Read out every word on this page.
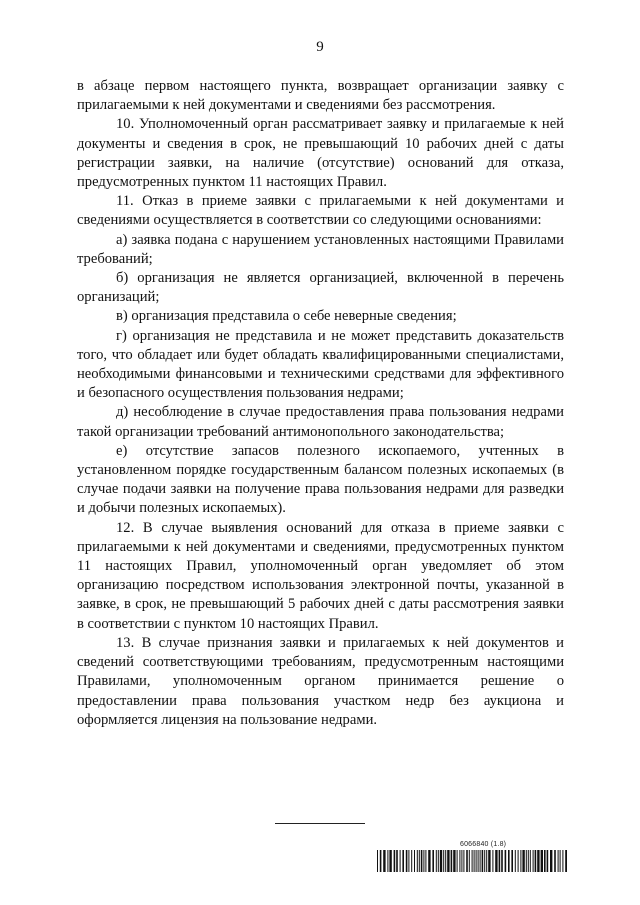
9

в абзаце первом настоящего пункта, возвращает организации заявку с прилагаемыми к ней документами и сведениями без рассмотрения.

10. Уполномоченный орган рассматривает заявку и прилагаемые к ней документы и сведения в срок, не превышающий 10 рабочих дней с даты регистрации заявки, на наличие (отсутствие) оснований для отказа, предусмотренных пунктом 11 настоящих Правил.

11. Отказ в приеме заявки с прилагаемыми к ней документами и сведениями осуществляется в соответствии со следующими основаниями:

а) заявка подана с нарушением установленных настоящими Правилами требований;

б) организация не является организацией, включенной в перечень организаций;

в) организация представила о себе неверные сведения;

г) организация не представила и не может представить доказательств того, что обладает или будет обладать квалифицированными специалистами, необходимыми финансовыми и техническими средствами для эффективного и безопасного осуществления пользования недрами;

д) несоблюдение в случае предоставления права пользования недрами такой организации требований антимонопольного законодательства;

е) отсутствие запасов полезного ископаемого, учтенных в установленном порядке государственным балансом полезных ископаемых (в случае подачи заявки на получение права пользования недрами для разведки и добычи полезных ископаемых).

12. В случае выявления оснований для отказа в приеме заявки с прилагаемыми к ней документами и сведениями, предусмотренных пунктом 11 настоящих Правил, уполномоченный орган уведомляет об этом организацию посредством использования электронной почты, указанной в заявке, в срок, не превышающий 5 рабочих дней с даты рассмотрения заявки в соответствии с пунктом 10 настоящих Правил.

13. В случае признания заявки и прилагаемых к ней документов и сведений соответствующими требованиям, предусмотренным настоящими Правилами, уполномоченным органом принимается решение о предоставлении права пользования участком недр без аукциона и оформляется лицензия на пользование недрами.

6066840 (1.8)
